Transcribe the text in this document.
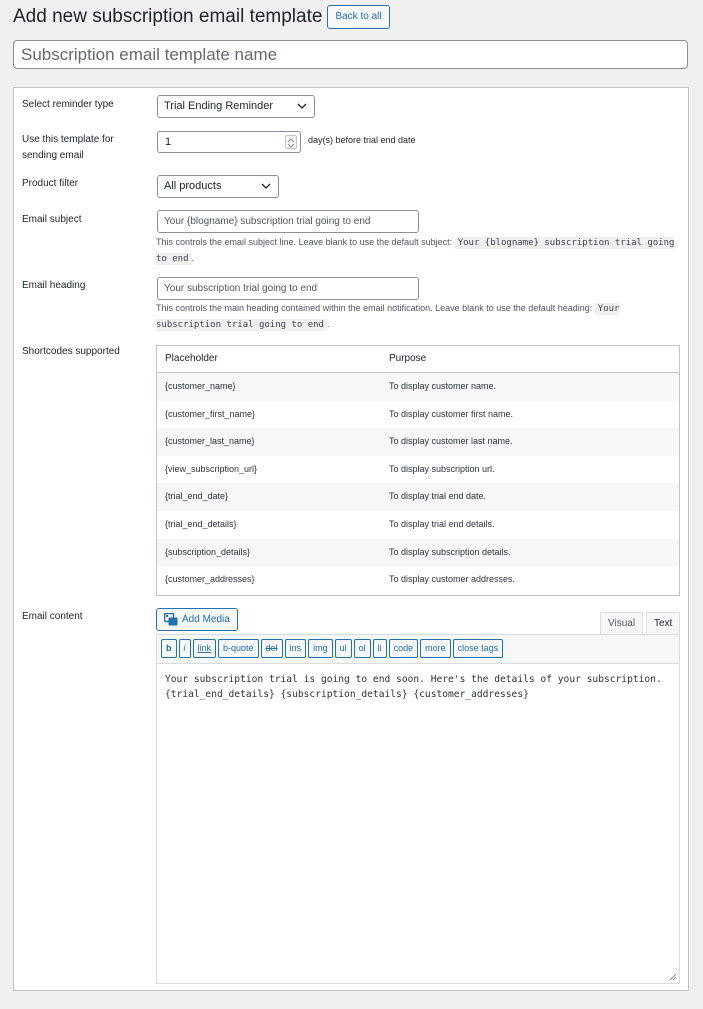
Add new subscription email template	Back to all
Subscription email template name
Select reminder type	Trial Ending Reminder
Use this template for sending email
1	day(s) before trial end date
Product filter	All products
Email subject
Your {blogname} subscription trial going to end
This controls the email subject line. Leave blank to use the default subject: Your {blogname} subscription trial going to end .
Email heading
Your subscription trial going to end
This controls the main heading contained within the email notification. Leave blank to use the default heading: Your subscription trial going to end .
Shortcodes supported
Placeholder	Purpose
{customer_name}	To display customer name.
{customer_first_name}	To display customer first name.
{customer_last_name}	To display customer last name.
{view_subscription_url}	To display subscription url.
{trial_end_date}	To display trial end date.
{trial_end_details}	To display trial end details.
{subscription_details}	To display subscription details.
{customer_addresses}	To display customer addresses.
Email content	Add Media	Visual	Text
b i link b-quote del ins img ul ol li code more close tags
Your subscription trial is going to end soon. Here's the details of your subscription. {trial_end_details} {subscription_details} {customer_addresses}
